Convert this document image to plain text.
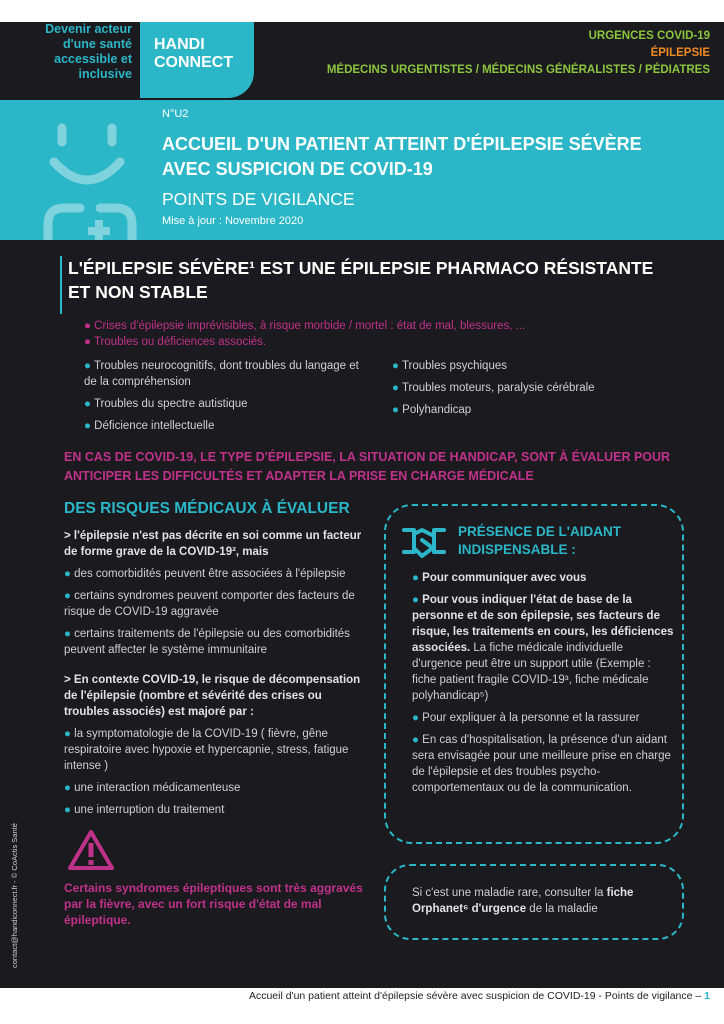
Devenir acteur d'une santé accessible et inclusive
HANDI
CONNECT
URGENCES COVID-19
ÉPILEPSIE
MÉDECINS URGENTISTES / MÉDECINS GÉNÉRALISTES / PÉDIATRES
N°U2
ACCUEIL D'UN PATIENT ATTEINT D'ÉPILEPSIE SÉVÈRE AVEC SUSPICION DE COVID-19
POINTS DE VIGILANCE
Mise à jour : Novembre 2020
L'ÉPILEPSIE SÉVÈRE¹ EST UNE ÉPILEPSIE PHARMACO RÉSISTANTE ET NON STABLE
● Crises d'épilepsie imprévisibles, à risque morbide / mortel : état de mal, blessures, ...
● Troubles ou déficiences associés.
● Troubles neurocognitifs, dont troubles du langage et de la compréhension
● Troubles du spectre autistique
● Déficience intellectuelle
● Troubles psychiques
● Troubles moteurs, paralysie cérébrale
● Polyhandicap
EN CAS DE COVID-19, LE TYPE D'ÉPILEPSIE, LA SITUATION DE HANDICAP, SONT À ÉVALUER POUR ANTICIPER LES DIFFICULTÉS ET ADAPTER LA PRISE EN CHARGE MÉDICALE
DES RISQUES MÉDICAUX À ÉVALUER

> l'épilepsie n'est pas décrite en soi comme un facteur de forme grave de la COVID-19², mais

● des comorbidités peuvent être associées à l'épilepsie

● certains syndromes peuvent comporter des facteurs de risque de COVID-19 aggravée

● certains traitements de l'épilepsie ou des comorbidités peuvent affecter le système immunitaire

> En contexte COVID-19, le risque de décompensation de l'épilepsie (nombre et sévérité des crises ou troubles associés) est majoré par :

● la symptomatologie de la COVID-19 ( fièvre, gêne respiratoire avec hypoxie et hypercapnie, stress, fatigue intense )

● une interaction médicamenteuse

● une interruption du traitement

Certains syndromes épileptiques sont très aggravés par la fièvre, avec un fort risque d'état de mal épileptique.
contact@handiconnect.fr - © CoActis Santé
PRÉSENCE DE L'AIDANT INDISPENSABLE :

● Pour communiquer avec vous

● Pour vous indiquer l'état de base de la personne et de son épilepsie, ses facteurs de risque, les traitements en cours, les déficiences associées. La fiche médicale individuelle d'urgence peut être un support utile (Exemple : fiche patient fragile COVID-19³, fiche médicale polyhandicap⁵)

● Pour expliquer à la personne et la rassurer

● En cas d'hospitalisation, la présence d'un aidant sera envisagée pour une meilleure prise en charge de l'épilepsie et des troubles psycho-comportementaux ou de la communication.

Si c'est une maladie rare, consulter la fiche Orphanet⁶ d'urgence de la maladie
Accueil d'un patient atteint d'épilepsie sévère avec suspicion de COVID-19 - Points de vigilance – 1
